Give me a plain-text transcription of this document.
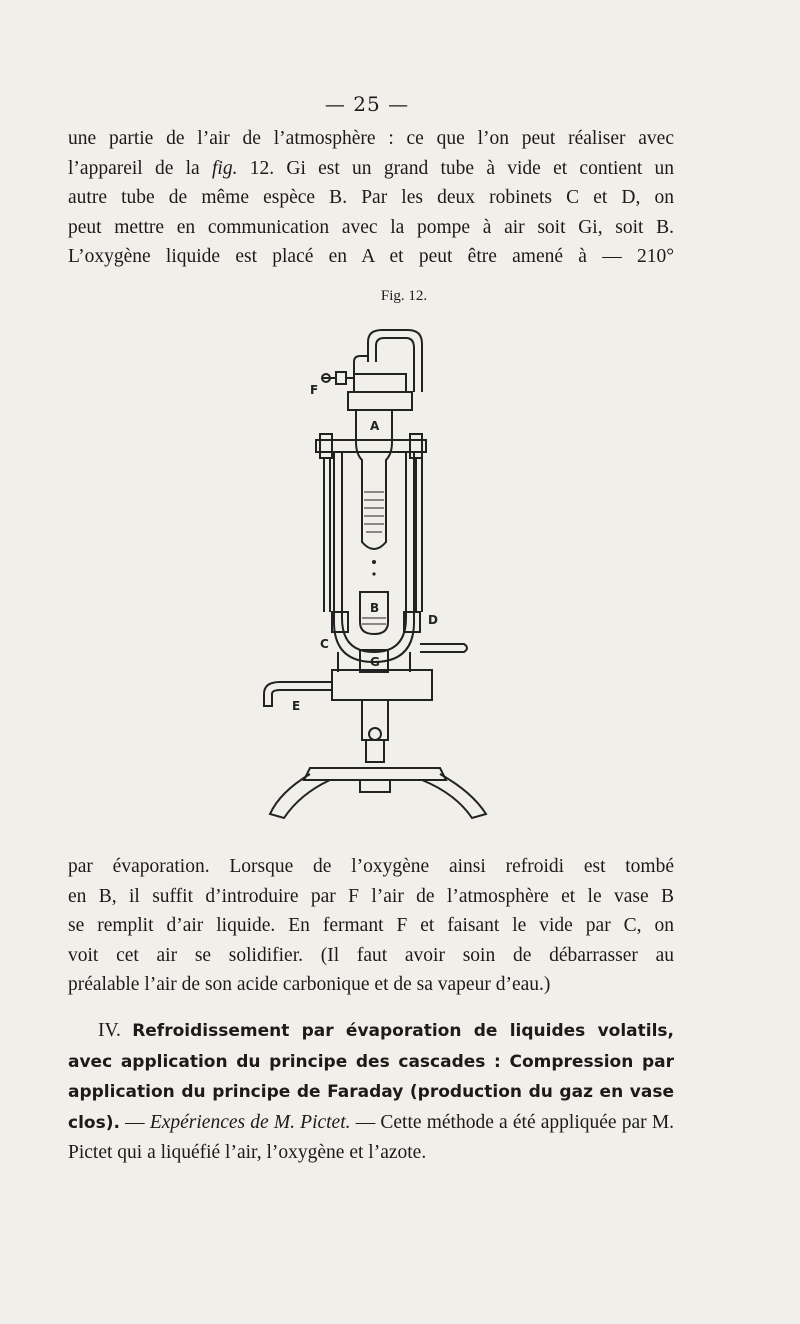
— 25 —
une partie de l’air de l’atmosphère : ce que l’on peut réaliser avec
l’appareil de la fig. 12. Gi est un grand tube à vide et contient un
autre tube de même espèce B. Par les deux robinets C et D, on
peut mettre en communication avec la pompe à air soit Gi, soit B.
L’oxygène liquide est placé en A et peut être amené à — 210°
Fig. 12.
F
A
B
C
D
G
E
par évaporation. Lorsque de l’oxygène ainsi refroidi est tombé
en B, il suffit d’introduire par F l’air de l’atmosphère et le vase B
se remplit d’air liquide. En fermant F et faisant le vide par C, on
voit cet air se solidifier. (Il faut avoir soin de débarrasser au
préalable l’air de son acide carbonique et de sa vapeur d’eau.)
IV. Refroidissement par évaporation de liquides volatils, avec application du principe des cascades : Compression par application du principe de Faraday (production du gaz en vase clos). — Expériences de M. Pictet. — Cette méthode a été appliquée par M. Pictet qui a liquéfié l’air, l’oxygène et l’azote.
